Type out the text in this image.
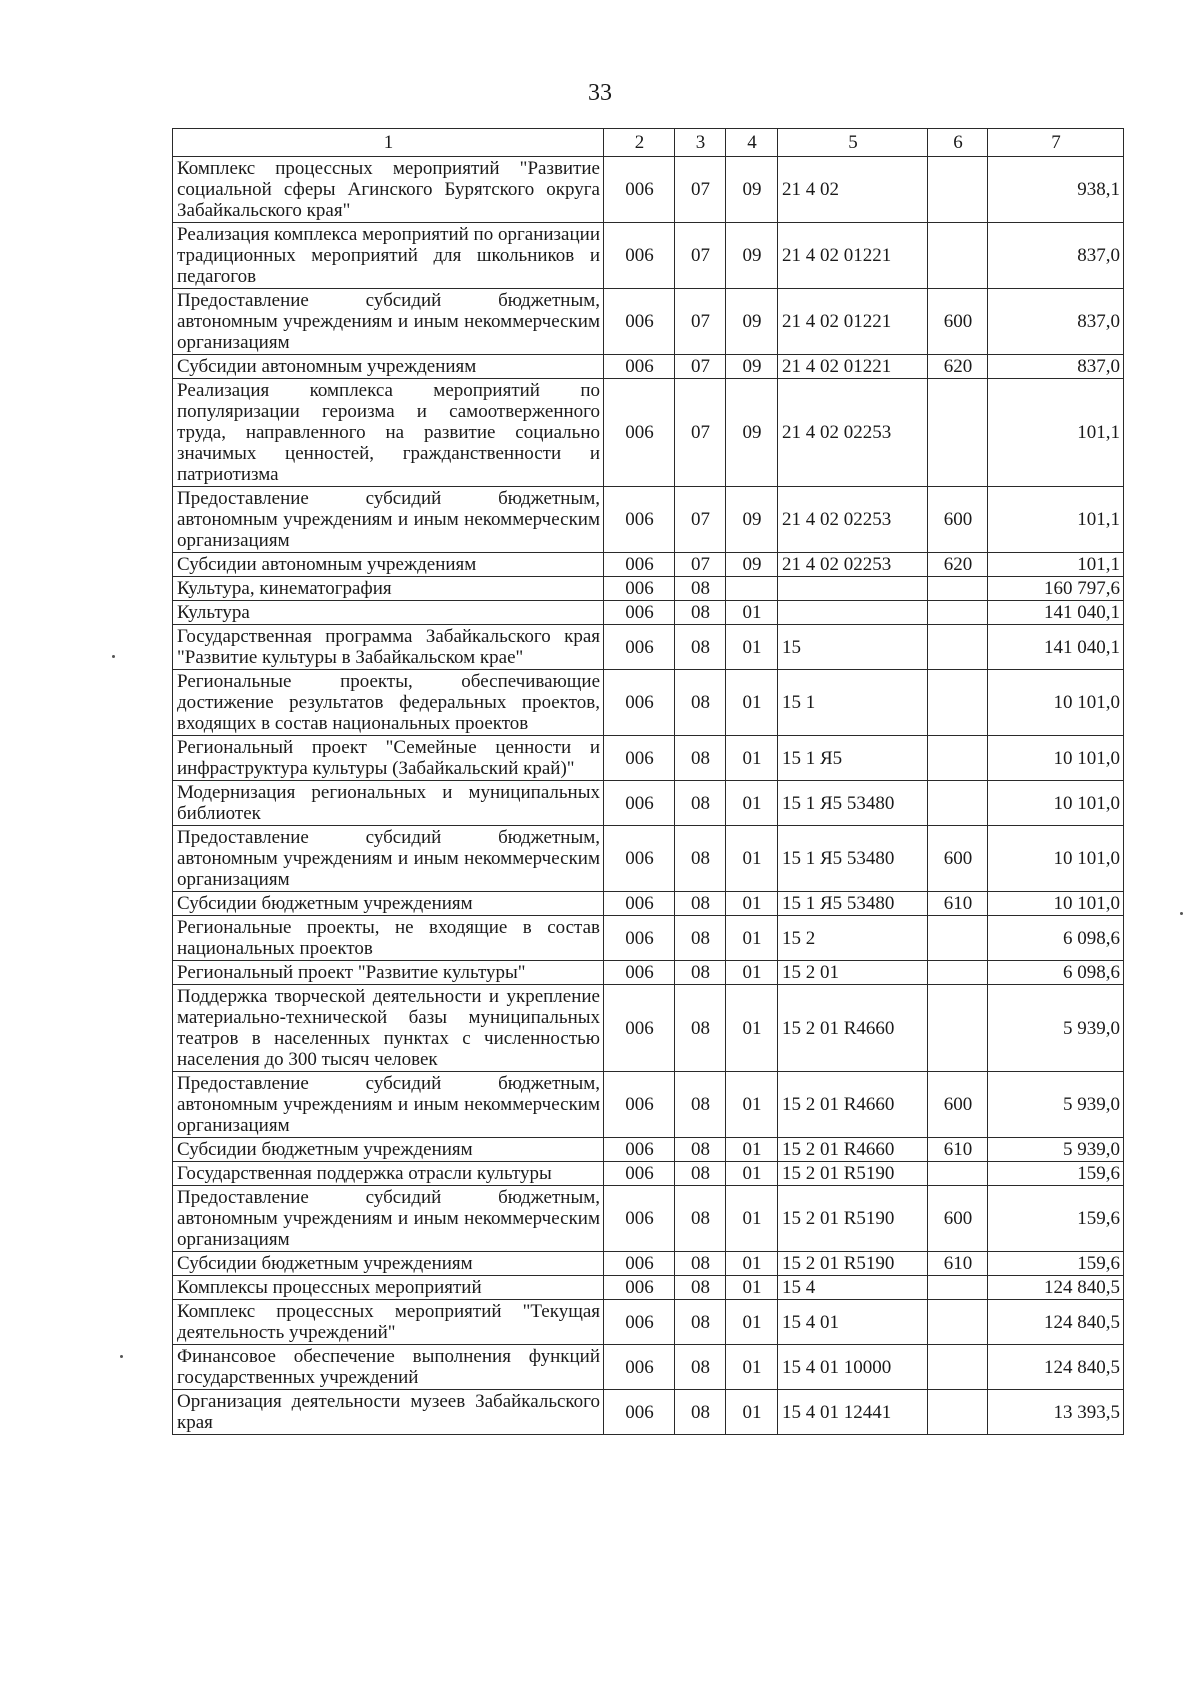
33
1	2	3	4	5	6	7
Комплекс процессных мероприятий "Развитие социальной сферы Агинского Бурятского округа Забайкальского края"	006	07	09	21 4 02		938,1
Реализация комплекса мероприятий по организации традиционных мероприятий для школьников и педагогов	006	07	09	21 4 02 01221		837,0
Предоставление субсидий бюджетным, автономным учреждениям и иным некоммерческим организациям	006	07	09	21 4 02 01221	600	837,0
Субсидии автономным учреждениям	006	07	09	21 4 02 01221	620	837,0
Реализация комплекса мероприятий по популяризации героизма и самоотверженного труда, направленного на развитие социально значимых ценностей, гражданственности и патриотизма	006	07	09	21 4 02 02253		101,1
Предоставление субсидий бюджетным, автономным учреждениям и иным некоммерческим организациям	006	07	09	21 4 02 02253	600	101,1
Субсидии автономным учреждениям	006	07	09	21 4 02 02253	620	101,1
Культура, кинематография	006	08				160 797,6
Культура	006	08	01			141 040,1
Государственная программа Забайкальского края "Развитие культуры в Забайкальском крае"	006	08	01	15		141 040,1
Региональные проекты, обеспечивающие достижение результатов федеральных проектов, входящих в состав национальных проектов	006	08	01	15 1		10 101,0
Региональный проект "Семейные ценности и инфраструктура культуры (Забайкальский край)"	006	08	01	15 1 Я5		10 101,0
Модернизация региональных и муниципальных библиотек	006	08	01	15 1 Я5 53480		10 101,0
Предоставление субсидий бюджетным, автономным учреждениям и иным некоммерческим организациям	006	08	01	15 1 Я5 53480	600	10 101,0
Субсидии бюджетным учреждениям	006	08	01	15 1 Я5 53480	610	10 101,0
Региональные проекты, не входящие в состав национальных проектов	006	08	01	15 2		6 098,6
Региональный проект "Развитие культуры"	006	08	01	15 2 01		6 098,6
Поддержка творческой деятельности и укрепление материально-технической базы муниципальных театров в населенных пунктах с численностью населения до 300 тысяч человек	006	08	01	15 2 01 R4660		5 939,0
Предоставление субсидий бюджетным, автономным учреждениям и иным некоммерческим организациям	006	08	01	15 2 01 R4660	600	5 939,0
Субсидии бюджетным учреждениям	006	08	01	15 2 01 R4660	610	5 939,0
Государственная поддержка отрасли культуры	006	08	01	15 2 01 R5190		159,6
Предоставление субсидий бюджетным, автономным учреждениям и иным некоммерческим организациям	006	08	01	15 2 01 R5190	600	159,6
Субсидии бюджетным учреждениям	006	08	01	15 2 01 R5190	610	159,6
Комплексы процессных мероприятий	006	08	01	15 4		124 840,5
Комплекс процессных мероприятий "Текущая деятельность учреждений"	006	08	01	15 4 01		124 840,5
Финансовое обеспечение выполнения функций государственных учреждений	006	08	01	15 4 01 10000		124 840,5
Организация деятельности музеев Забайкальского края	006	08	01	15 4 01 12441		13 393,5
